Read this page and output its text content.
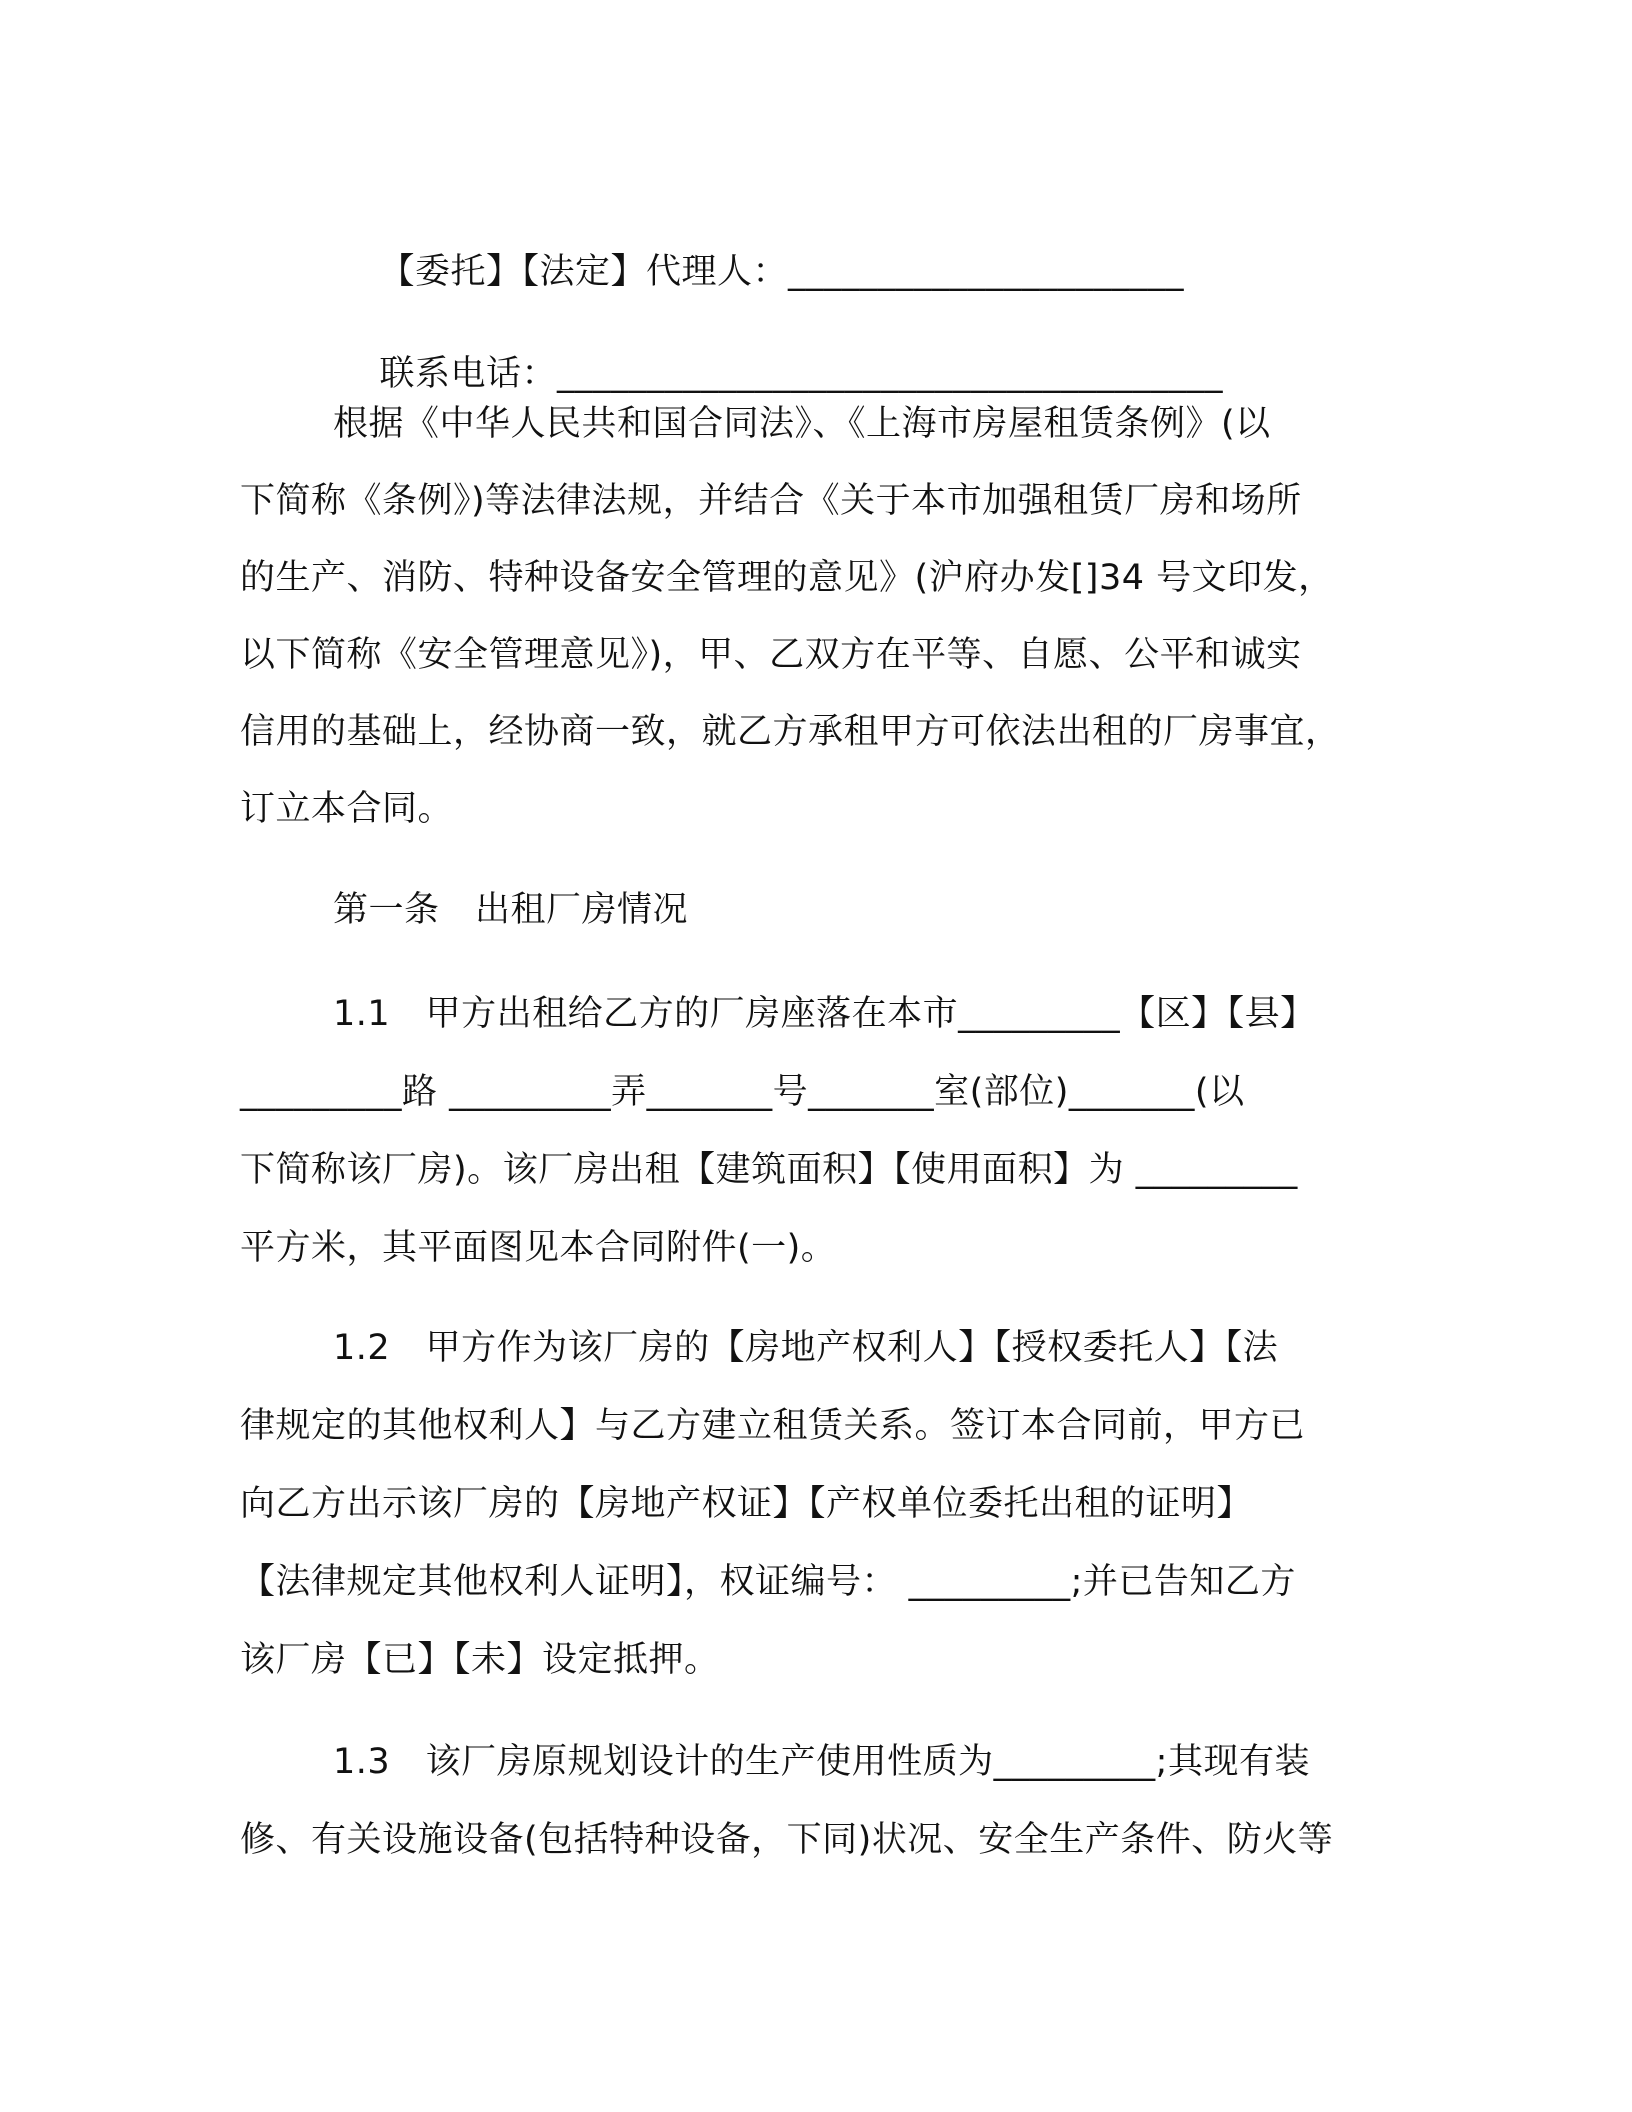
【委托】【法定】代理人：______________________

联系电话：_____________________________________

根据《中华人民共和国合同法》、《上海市房屋租赁条例》(以
下简称《条例》)等法律法规，并结合《关于本市加强租赁厂房和场所
的生产、消防、特种设备安全管理的意见》(沪府办发[]34 号文印发，
以下简称《安全管理意见》)，甲、乙双方在平等、自愿、公平和诚实
信用的基础上，经协商一致，就乙方承租甲方可依法出租的厂房事宜，
订立本合同。
第一条　出租厂房情况
1.1　甲方出租给乙方的厂房座落在本市_________【区】【县】
_________路 _________弄_______号_______室(部位)_______(以
下简称该厂房)。该厂房出租【建筑面积】【使用面积】为 _________
平方米，其平面图见本合同附件(一)。
1.2　甲方作为该厂房的【房地产权利人】【授权委托人】【法
律规定的其他权利人】与乙方建立租赁关系。签订本合同前，甲方已
向乙方出示该厂房的【房地产权证】【产权单位委托出租的证明】
【法律规定其他权利人证明】，权证编号： _________;并已告知乙方
该厂房【已】【未】设定抵押。
1.3　该厂房原规划设计的生产使用性质为_________;其现有装
修、有关设施设备(包括特种设备，下同)状况、安全生产条件、防火等
